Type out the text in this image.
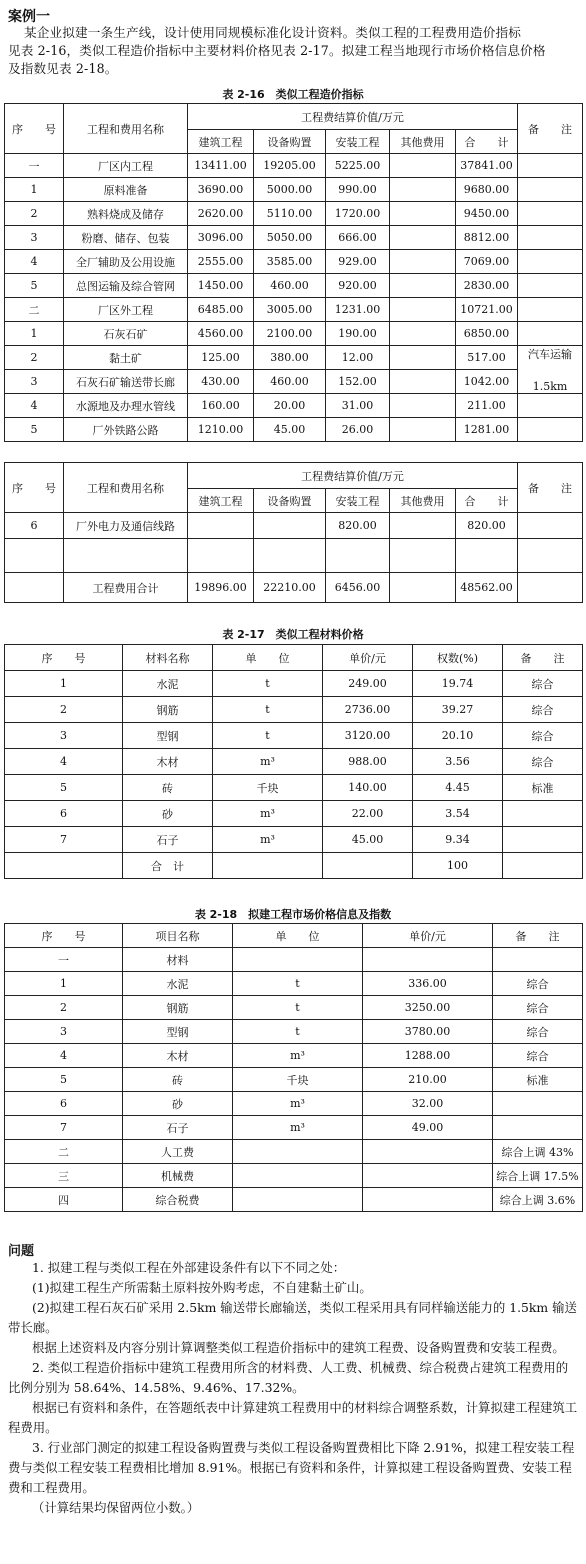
案例一
某企业拟建一条生产线，设计使用同规模标准化设计资料。类似工程的工程费用造价指标
见表 2-16，类似工程造价指标中主要材料价格见表 2-17。拟建工程当地现行市场价格信息价格
及指数见表 2-18。
表 2-16　类似工程造价指标
序　　号	工程和费用名称	工程费结算价值/万元					备　　注
		建筑工程	设备购置	安装工程	其他费用	合　　计	
一	厂区内工程	13411.00	19205.00	5225.00		37841.00	
1	原料准备	3690.00	5000.00	990.00		9680.00	
2	熟料烧成及储存	2620.00	5110.00	1720.00		9450.00	
3	粉磨、储存、包装	3096.00	5050.00	666.00		8812.00	
4	全厂辅助及公用设施	2555.00	3585.00	929.00		7069.00	
5	总图运输及综合管网	1450.00	460.00	920.00		2830.00	
二	厂区外工程	6485.00	3005.00	1231.00		10721.00	
1	石灰石矿	4560.00	2100.00	190.00		6850.00	
2	黏土矿	125.00	380.00	12.00		517.00	汽车运输
1.5km

3	石灰石矿输送带长廊	430.00	460.00	152.00		1042.00	
4	水源地及办理水管线	160.00	20.00	31.00		211.00	
5	厂外铁路公路	1210.00	45.00	26.00		1281.00	
序　　号	工程和费用名称	工程费结算价值/万元					备　　注
		建筑工程	设备购置	安装工程	其他费用	合　　计	
6	厂外电力及通信线路			820.00		820.00	

	工程费用合计	19896.00	22210.00	6456.00		48562.00	
表 2-17　类似工程材料价格
序　　号	材料名称	单　　位	单价/元	权数(%)	备　　注
1	水泥	t	249.00	19.74	综合
2	钢筋	t	2736.00	39.27	综合
3	型钢	t	3120.00	20.10	综合
4	木材	m³	988.00	3.56	综合
5	砖	千块	140.00	4.45	标准
6	砂	m³	22.00	3.54	
7	石子	m³	45.00	9.34	
	合　计			100	
表 2-18　拟建工程市场价格信息及指数
序　　号	项目名称	单　　位	单价/元	备　　注
一	材料			
1	水泥	t	336.00	综合
2	钢筋	t	3250.00	综合
3	型钢	t	3780.00	综合
4	木材	m³	1288.00	综合
5	砖	千块	210.00	标准
6	砂	m³	32.00	
7	石子	m³	49.00	
二	人工费			综合上调 43%
三	机械费			综合上调 17.5%
四	综合税费			综合上调 3.6%
问题

1. 拟建工程与类似工程在外部建设条件有以下不同之处：

(1)拟建工程生产所需黏土原料按外购考虑，不自建黏土矿山。

(2)拟建工程石灰石矿采用 2.5km 输送带长廊输送，类似工程采用具有同样输送能力的 1.5km 输送带长廊。

根据上述资料及内容分别计算调整类似工程造价指标中的建筑工程费、设备购置费和安装工程费。

2. 类似工程造价指标中建筑工程费用所含的材料费、人工费、机械费、综合税费占建筑工程费用的比例分别为 58.64%、14.58%、9.46%、17.32%。

根据已有资料和条件，在答题纸表中计算建筑工程费用中的材料综合调整系数，计算拟建工程建筑工程费用。

3. 行业部门测定的拟建工程设备购置费与类似工程设备购置费相比下降 2.91%，拟建工程安装工程费与类似工程安装工程费相比增加 8.91%。根据已有资料和条件，计算拟建工程设备购置费、安装工程费和工程费用。

（计算结果均保留两位小数。）
